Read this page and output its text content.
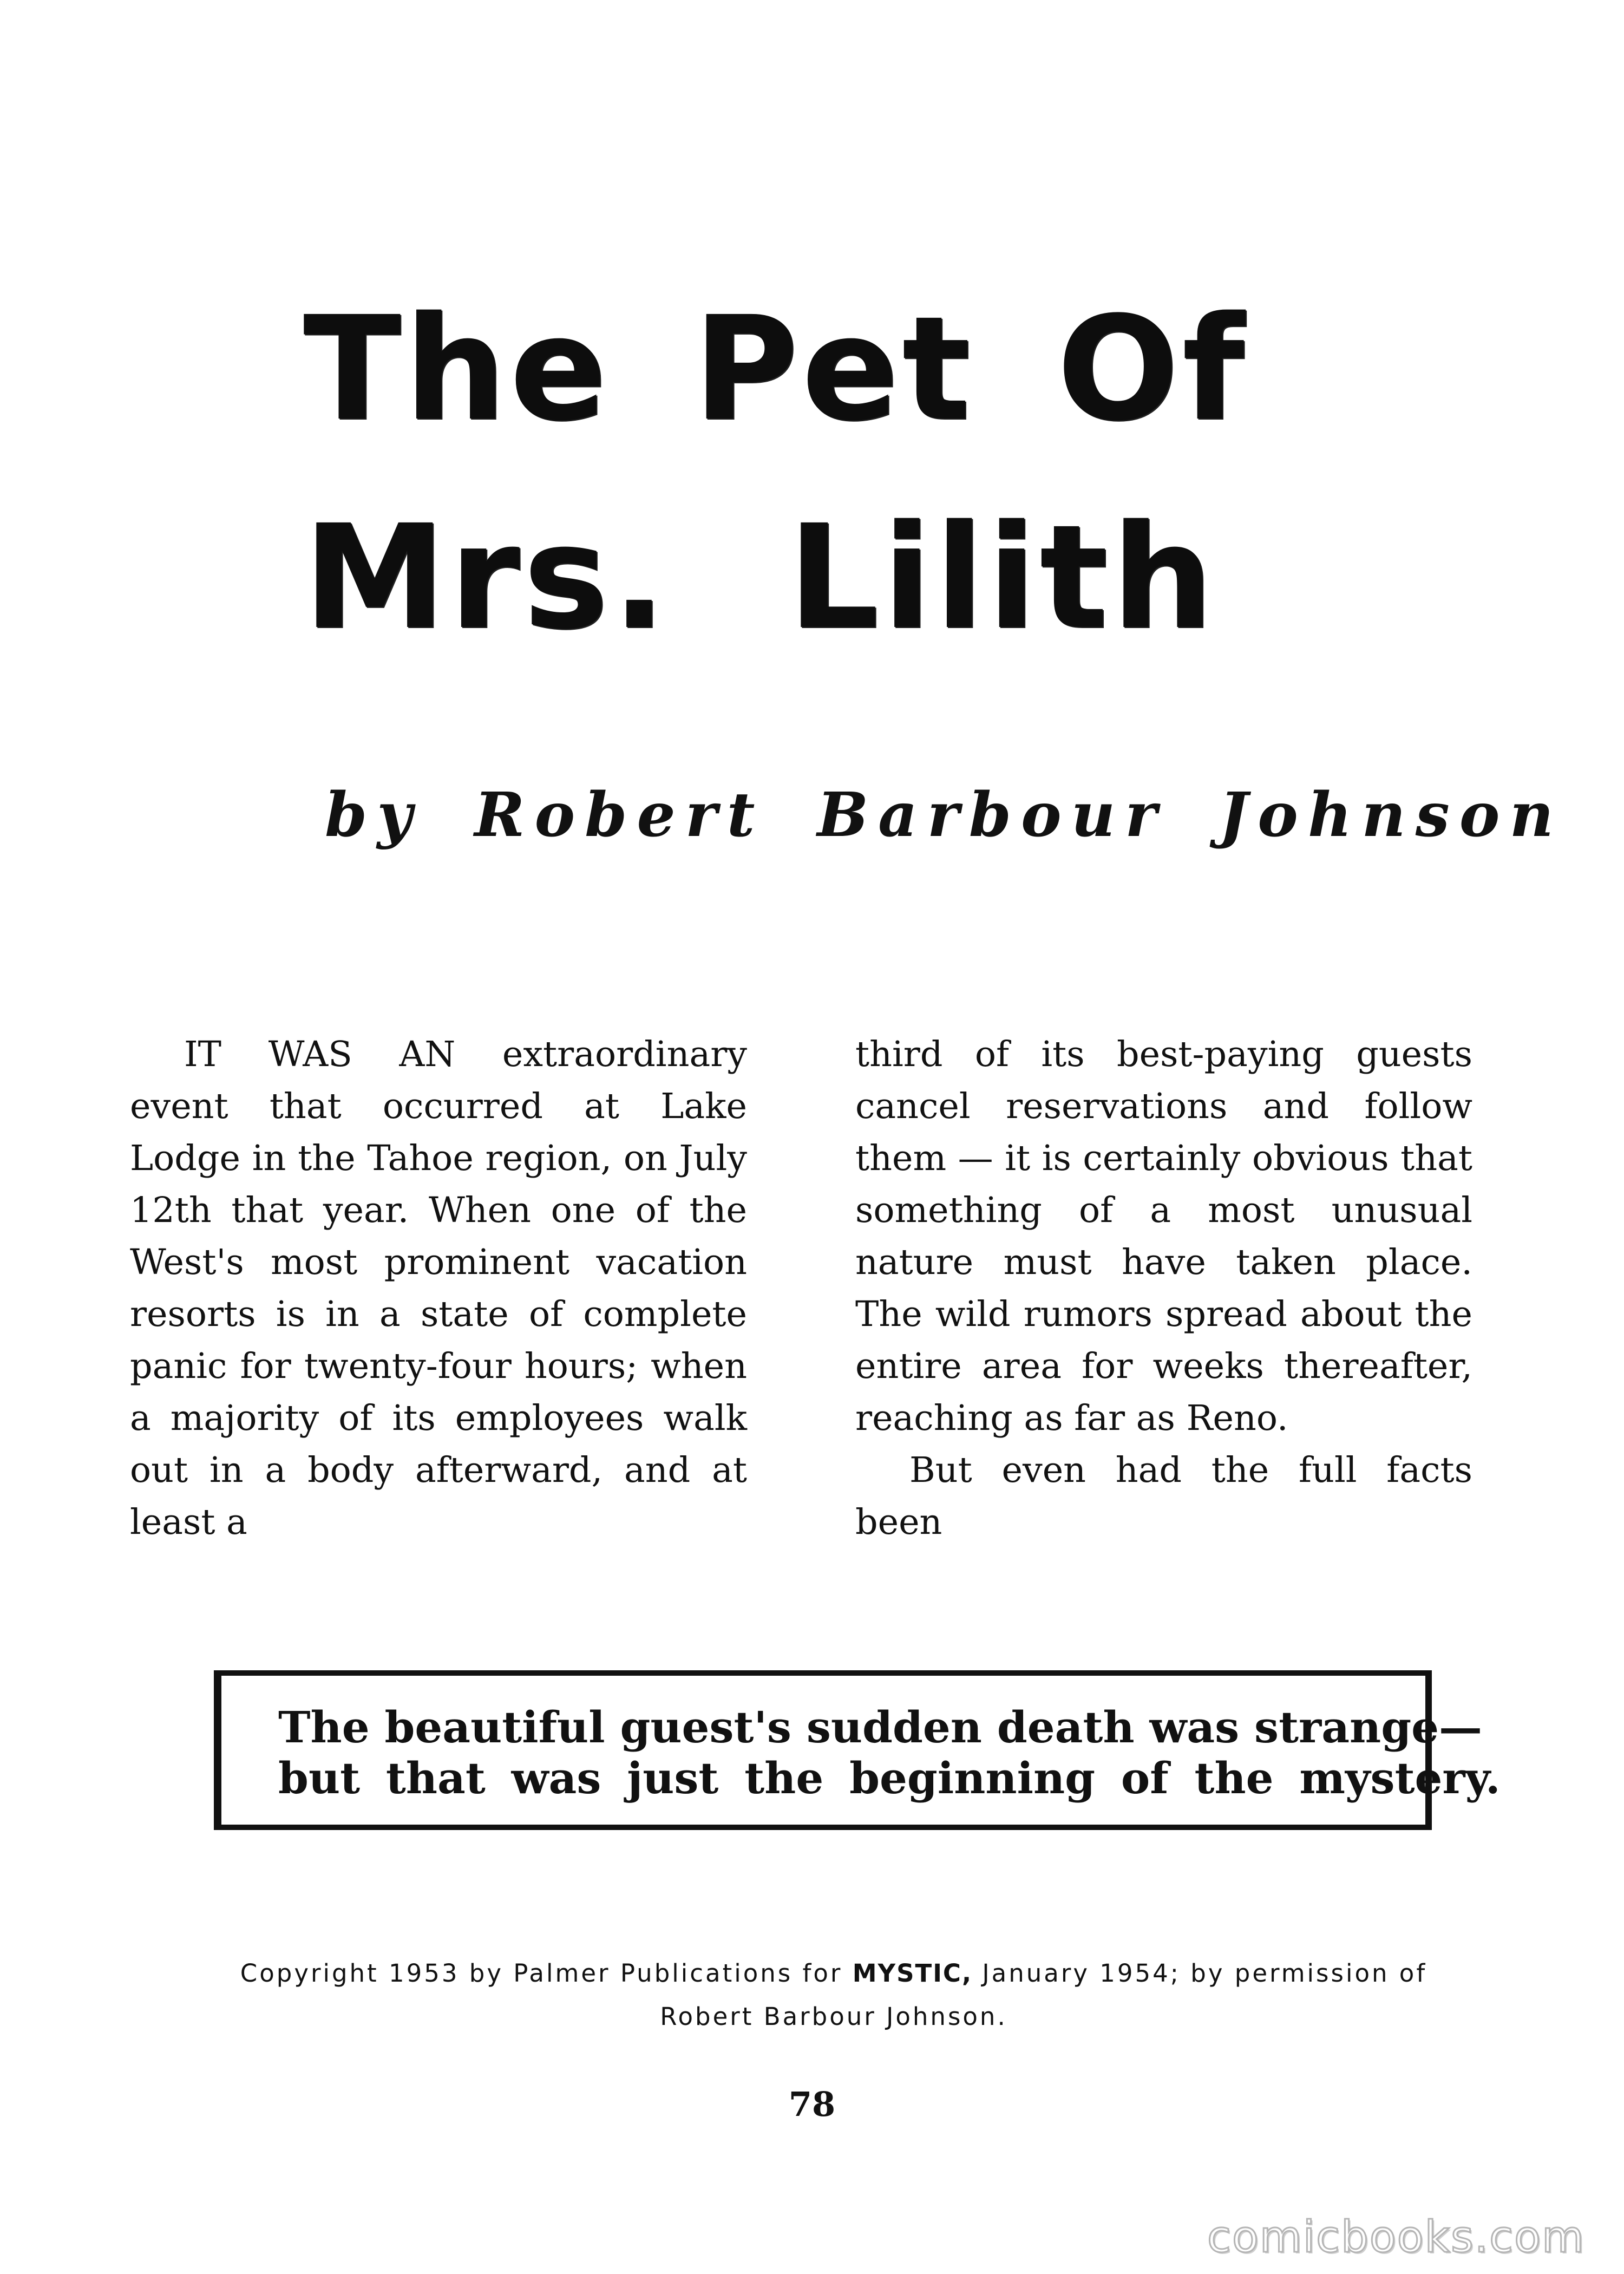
The Pet Of
Mrs. Lilith
by Robert Barbour Johnson

IT WAS AN extraordinary event that occurred at Lake Lodge in the Tahoe region, on July 12th that year. When one of the West's most prominent vacation resorts is in a state of complete panic for twenty-four hours; when a majority of its employees walk out in a body afterward, and at least a

third of its best-paying guests cancel reservations and follow them — it is certainly obvious that something of a most unusual nature must have taken place. The wild rumors spread about the entire area for weeks thereafter, reaching as far as Reno.

But even had the full facts been

The beautiful guest's sudden death was strange—
but that was just the beginning of the mystery.
Copyright 1953 by Palmer Publications for MYSTIC, January 1954; by permission of Robert Barbour Johnson.
78
comicbooks.com
